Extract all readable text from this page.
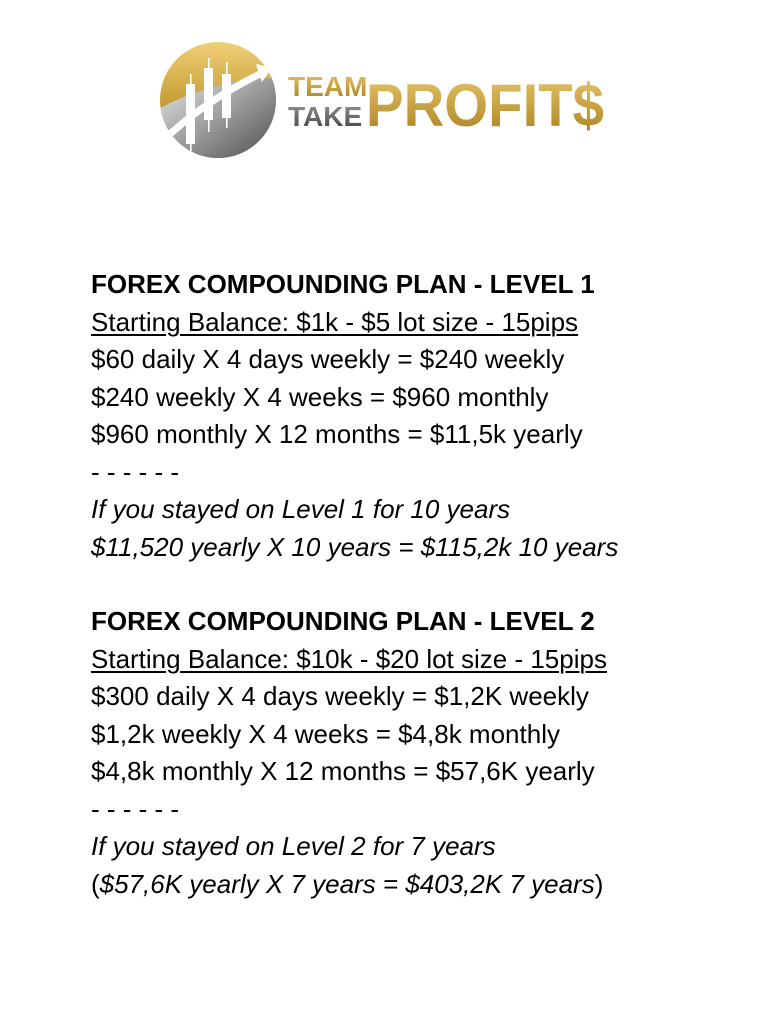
TEAM
TAKE PROFIT$
FOREX COMPOUNDING PLAN - LEVEL 1
Starting Balance: $1k - $5 lot size - 15pips
$60 daily X 4 days weekly = $240 weekly
$240 weekly X 4 weeks = $960 monthly
$960 monthly X 12 months = $11,5k yearly
- - - - - -
If you stayed on Level 1 for 10 years
$11,520 yearly X 10 years = $115,2k 10 years
FOREX COMPOUNDING PLAN - LEVEL 2
Starting Balance: $10k - $20 lot size - 15pips
$300 daily X 4 days weekly = $1,2K weekly
$1,2k weekly X 4 weeks = $4,8k monthly
$4,8k monthly X 12 months = $57,6K yearly
- - - - - -
If you stayed on Level 2 for 7 years
($57,6K yearly X 7 years = $403,2K 7 years)
